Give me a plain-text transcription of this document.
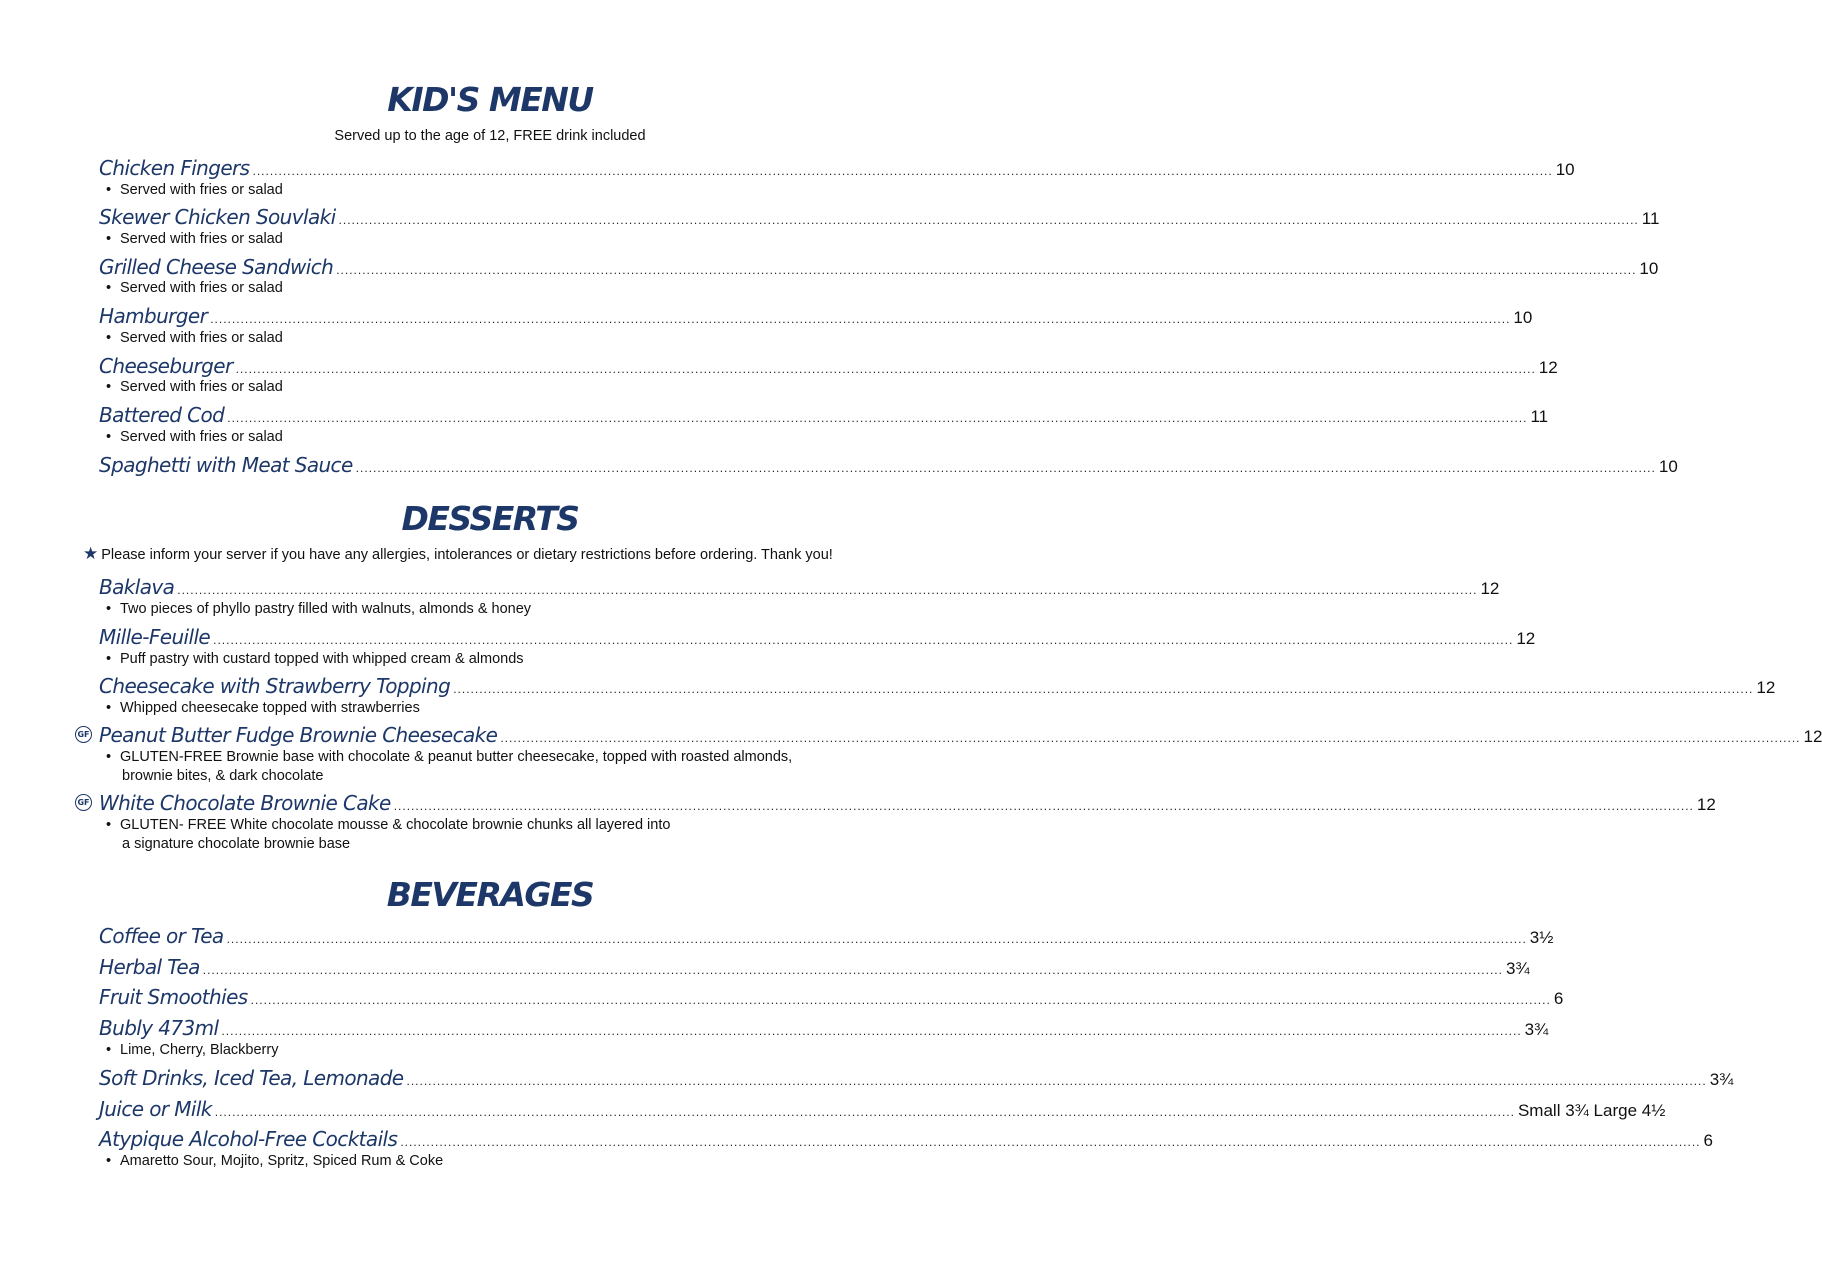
KID'S MENU
Served up to the age of 12, FREE drink included
Chicken Fingers ............................................................................................................................................................................................................................................................................................................ 10
• Served with fries or salad
Skewer Chicken Souvlaki ............................................................................................................................................................................................................................................................................................................ 11
• Served with fries or salad
Grilled Cheese Sandwich ............................................................................................................................................................................................................................................................................................................ 10
• Served with fries or salad
Hamburger ............................................................................................................................................................................................................................................................................................................ 10
• Served with fries or salad
Cheeseburger ............................................................................................................................................................................................................................................................................................................ 12
• Served with fries or salad
Battered Cod ............................................................................................................................................................................................................................................................................................................ 11
• Served with fries or salad
Spaghetti with Meat Sauce ............................................................................................................................................................................................................................................................................................................ 10
DESSERTS
★ Please inform your server if you have any allergies, intolerances or dietary restrictions before ordering. Thank you!
Baklava ............................................................................................................................................................................................................................................................................................................ 12
• Two pieces of phyllo pastry filled with walnuts, almonds & honey
Mille-Feuille ............................................................................................................................................................................................................................................................................................................ 12
• Puff pastry with custard topped with whipped cream & almonds
Cheesecake with Strawberry Topping ............................................................................................................................................................................................................................................................................................................ 12
• Whipped cheesecake topped with strawberries
GF Peanut Butter Fudge Brownie Cheesecake ............................................................................................................................................................................................................................................................................................................ 12
• GLUTEN-FREE Brownie base with chocolate & peanut butter cheesecake, topped with roasted almonds,
brownie bites, & dark chocolate
GF White Chocolate Brownie Cake ............................................................................................................................................................................................................................................................................................................ 12
• GLUTEN- FREE White chocolate mousse & chocolate brownie chunks all layered into
a signature chocolate brownie base
BEVERAGES
Coffee or Tea ............................................................................................................................................................................................................................................................................................................ 3½
Herbal Tea ............................................................................................................................................................................................................................................................................................................ 3¾
Fruit Smoothies ............................................................................................................................................................................................................................................................................................................ 6
Bubly 473ml ............................................................................................................................................................................................................................................................................................................ 3¾
• Lime, Cherry, Blackberry
Soft Drinks, Iced Tea, Lemonade ............................................................................................................................................................................................................................................................................................................ 3¾
Juice or Milk ............................................................................................................................................................................................................................................................................................................ Small 3¾ Large 4½
Atypique Alcohol-Free Cocktails ............................................................................................................................................................................................................................................................................................................ 6
• Amaretto Sour, Mojito, Spritz, Spiced Rum & Coke
